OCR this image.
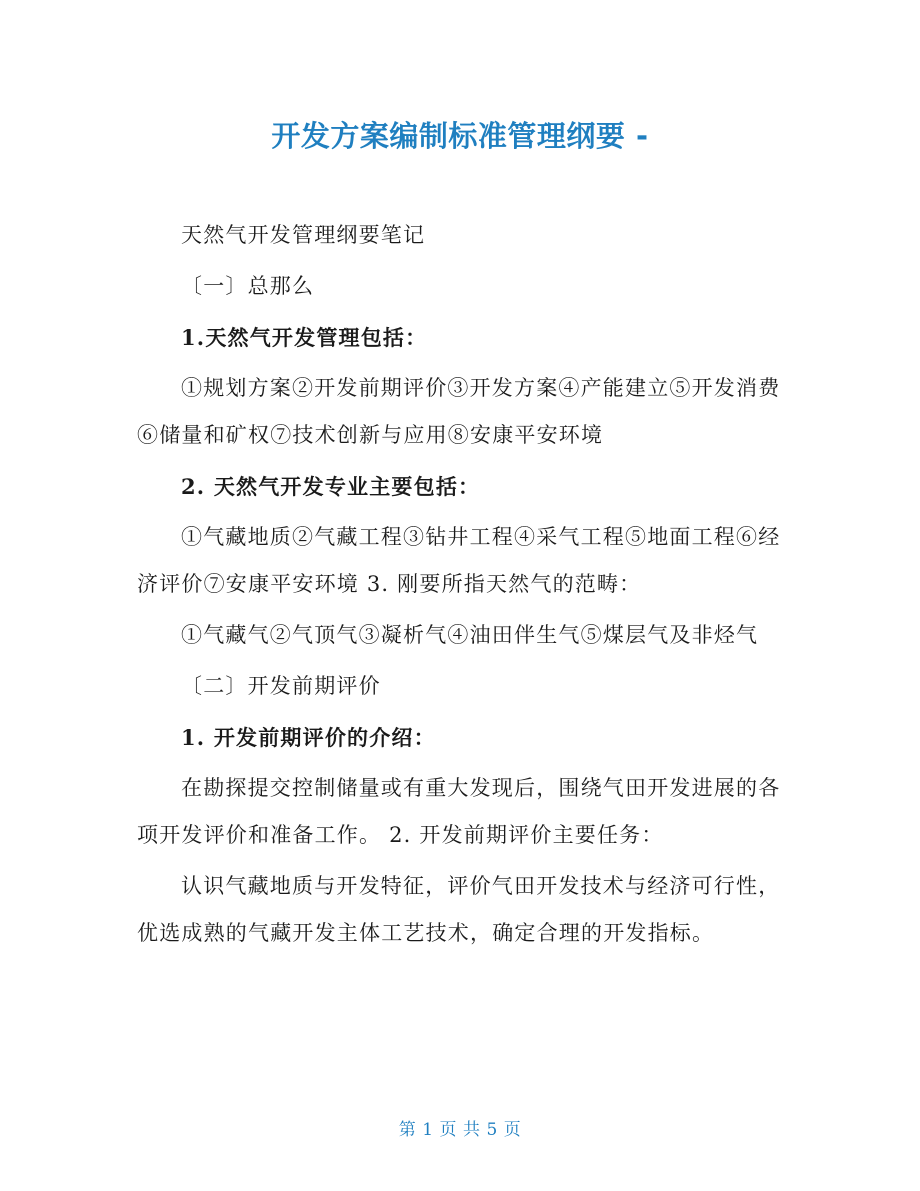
开发方案编制标准管理纲要 -

天然气开发管理纲要笔记

〔一〕总那么

1.天然气开发管理包括：

①规划方案②开发前期评价③开发方案④产能建立⑤开发消费⑥储量和矿权⑦技术创新与应用⑧安康平安环境

2. 天然气开发专业主要包括：

①气藏地质②气藏工程③钻井工程④采气工程⑤地面工程⑥经济评价⑦安康平安环境 3. 刚要所指天然气的范畴：

①气藏气②气顶气③凝析气④油田伴生气⑤煤层气及非烃气

〔二〕开发前期评价

1. 开发前期评价的介绍：

在勘探提交控制储量或有重大发现后，围绕气田开发进展的各项开发评价和准备工作。 2. 开发前期评价主要任务：

认识气藏地质与开发特征，评价气田开发技术与经济可行性，优选成熟的气藏开发主体工艺技术，确定合理的开发指标。

第 1 页 共 5 页
